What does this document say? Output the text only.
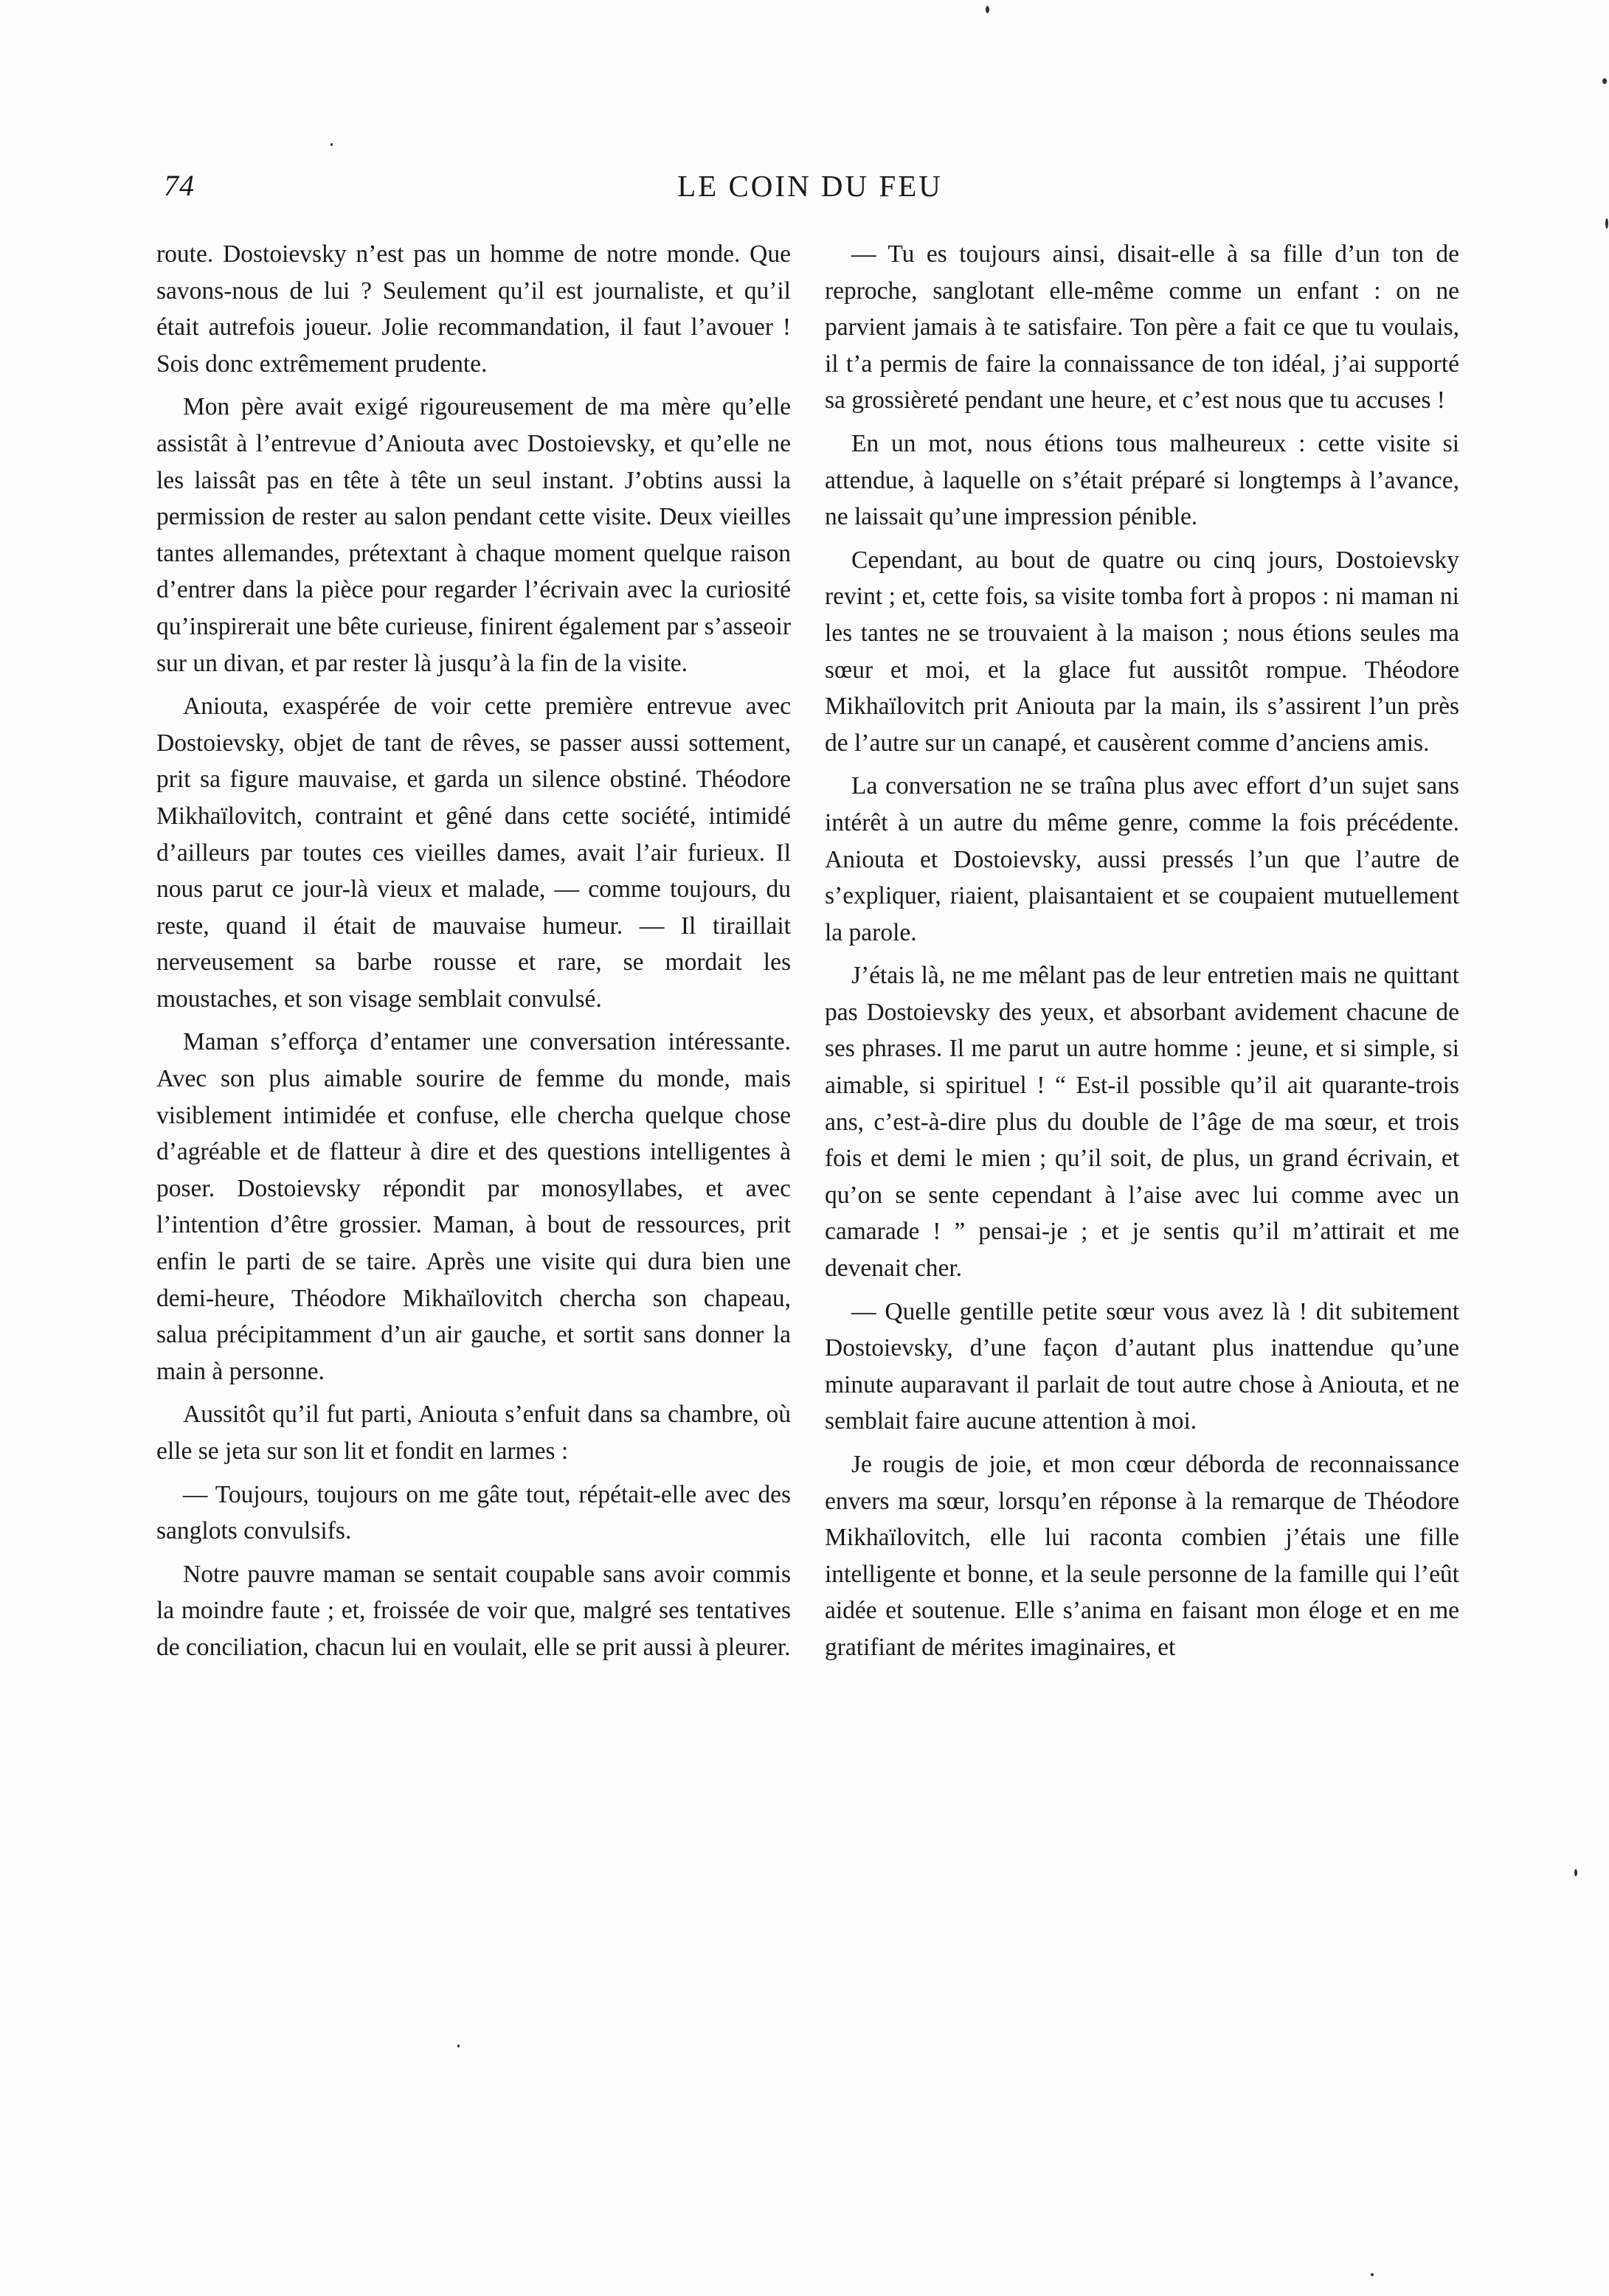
74	LE COIN DU FEU

route. Dostoievsky n’est pas un homme de notre monde. Que savons-nous de lui ? Seulement qu’il est journaliste, et qu’il était autrefois joueur. Jolie recommandation, il faut l’avouer ! Sois donc extrêmement prudente.

Mon père avait exigé rigoureusement de ma mère qu’elle assistât à l’entrevue d’Aniouta avec Dostoievsky, et qu’elle ne les laissât pas en tête à tête un seul instant. J’obtins aussi la permission de rester au salon pendant cette visite. Deux vieilles tantes allemandes, prétextant à chaque moment quelque raison d’entrer dans la pièce pour regarder l’écrivain avec la curiosité qu’inspirerait une bête curieuse, finirent également par s’asseoir sur un divan, et par rester là jusqu’à la fin de la visite.

Aniouta, exaspérée de voir cette première entrevue avec Dostoievsky, objet de tant de rêves, se passer aussi sottement, prit sa figure mauvaise, et garda un silence obstiné. Théodore Mikhaïlovitch, contraint et gêné dans cette société, intimidé d’ailleurs par toutes ces vieilles dames, avait l’air furieux. Il nous parut ce jour-là vieux et malade, — comme toujours, du reste, quand il était de mauvaise humeur. — Il tiraillait nerveusement sa barbe rousse et rare, se mordait les moustaches, et son visage semblait convulsé.

Maman s’efforça d’entamer une conversation intéressante. Avec son plus aimable sourire de femme du monde, mais visiblement intimidée et confuse, elle chercha quelque chose d’agréable et de flatteur à dire et des questions intelligentes à poser. Dostoievsky répondit par monosyllabes, et avec l’intention d’être grossier. Maman, à bout de ressources, prit enfin le parti de se taire. Après une visite qui dura bien une demi-heure, Théodore Mikhaïlovitch chercha son chapeau, salua précipitamment d’un air gauche, et sortit sans donner la main à personne.

Aussitôt qu’il fut parti, Aniouta s’enfuit dans sa chambre, où elle se jeta sur son lit et fondit en larmes :

— Toujours, toujours on me gâte tout, répétait-elle avec des sanglots convulsifs.

Notre pauvre maman se sentait coupable sans avoir commis la moindre faute ; et, froissée de voir que, malgré ses tentatives de conciliation, chacun lui en voulait, elle se prit aussi à pleurer.

— Tu es toujours ainsi, disait-elle à sa fille d’un ton de reproche, sanglotant elle-même comme un enfant : on ne parvient jamais à te satisfaire. Ton père a fait ce que tu voulais, il t’a permis de faire la connaissance de ton idéal, j’ai supporté sa grossièreté pendant une heure, et c’est nous que tu accuses !

En un mot, nous étions tous malheureux : cette visite si attendue, à laquelle on s’était préparé si longtemps à l’avance, ne laissait qu’une impression pénible.

Cependant, au bout de quatre ou cinq jours, Dostoievsky revint ; et, cette fois, sa visite tomba fort à propos : ni maman ni les tantes ne se trouvaient à la maison ; nous étions seules ma sœur et moi, et la glace fut aussitôt rompue. Théodore Mikhaïlovitch prit Aniouta par la main, ils s’assirent l’un près de l’autre sur un canapé, et causèrent comme d’anciens amis.

La conversation ne se traîna plus avec effort d’un sujet sans intérêt à un autre du même genre, comme la fois précédente. Aniouta et Dostoievsky, aussi pressés l’un que l’autre de s’expliquer, riaient, plaisantaient et se coupaient mutuellement la parole.

J’étais là, ne me mêlant pas de leur entretien mais ne quittant pas Dostoievsky des yeux, et absorbant avidement chacune de ses phrases. Il me parut un autre homme : jeune, et si simple, si aimable, si spirituel ! “ Est-il possible qu’il ait quarante-trois ans, c’est-à-dire plus du double de l’âge de ma sœur, et trois fois et demi le mien ; qu’il soit, de plus, un grand écrivain, et qu’on se sente cependant à l’aise avec lui comme avec un camarade ! ” pensai-je ; et je sentis qu’il m’attirait et me devenait cher.

— Quelle gentille petite sœur vous avez là ! dit subitement Dostoievsky, d’une façon d’autant plus inattendue qu’une minute auparavant il parlait de tout autre chose à Aniouta, et ne semblait faire aucune attention à moi.

Je rougis de joie, et mon cœur déborda de reconnaissance envers ma sœur, lorsqu’en réponse à la remarque de Théodore Mikhaïlovitch, elle lui raconta combien j’étais une fille intelligente et bonne, et la seule personne de la famille qui l’eût aidée et soutenue. Elle s’anima en faisant mon éloge et en me gratifiant de mérites imaginaires, et
